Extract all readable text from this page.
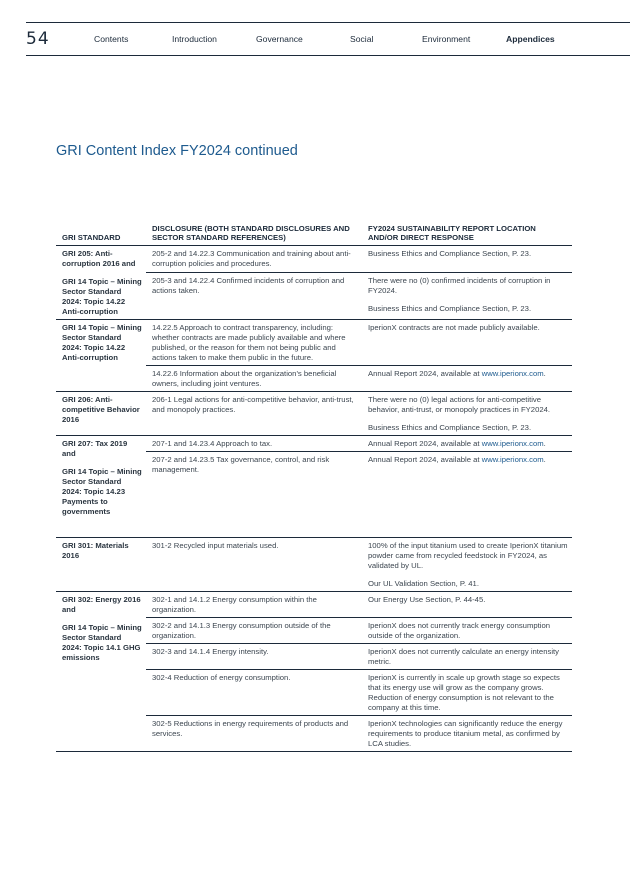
54	Contents	Introduction	Governance	Social	Environment	Appendices
GRI Content Index FY2024 continued
GRI STANDARD	DISCLOSURE (BOTH STANDARD DISCLOSURES AND SECTOR STANDARD REFERENCES)	FY2024 SUSTAINABILITY REPORT LOCATION AND/OR DIRECT RESPONSE

GRI 205: Anti-corruption 2016 and

GRI 14 Topic – Mining Sector Standard 2024: Topic 14.22 Anti-corruption	205-2 and 14.22.3 Communication and training about anti-corruption policies and procedures.	Business Ethics and Compliance Section, P. 23.

	205-3 and 14.22.4 Confirmed incidents of corruption and actions taken.	There were no (0) confirmed incidents of corruption in FY2024.

Business Ethics and Compliance Section, P. 23.

GRI 14 Topic – Mining Sector Standard 2024: Topic 14.22 Anti-corruption	14.22.5 Approach to contract transparency, including: whether contracts are made publicly available and where published, or the reason for them not being public and actions taken to make them public in the future.	IperionX contracts are not made publicly available.

	14.22.6 Information about the organization's beneficial owners, including joint ventures.	Annual Report 2024, available at www.iperionx.com.

GRI 206: Anti-competitive Behavior 2016	206-1 Legal actions for anti-competitive behavior, anti-trust, and monopoly practices.	There were no (0) legal actions for anti-competitive behavior, anti-trust, or monopoly practices in FY2024.

Business Ethics and Compliance Section, P. 23.

GRI 207: Tax 2019 and

GRI 14 Topic – Mining Sector Standard 2024: Topic 14.23 Payments to governments	207-1 and 14.23.4 Approach to tax.	Annual Report 2024, available at www.iperionx.com.
	207-2 and 14.23.5 Tax governance, control, and risk management.	Annual Report 2024, available at www.iperionx.com.

GRI 301: Materials 2016	301-2 Recycled input materials used.	100% of the input titanium used to create IperionX titanium powder came from recycled feedstock in FY2024, as validated by UL.

Our UL Validation Section, P. 41.

GRI 302: Energy 2016 and

GRI 14 Topic – Mining Sector Standard 2024: Topic 14.1 GHG emissions	302-1 and 14.1.2 Energy consumption within the organization.	Our Energy Use Section, P. 44-45.

	302-2 and 14.1.3 Energy consumption outside of the organization.	IperionX does not currently track energy consumption outside of the organization.

	302-3 and 14.1.4 Energy intensity.	IperionX does not currently calculate an energy intensity metric.

	302-4 Reduction of energy consumption.	IperionX is currently in scale up growth stage so expects that its energy use will grow as the company grows. Reduction of energy consumption is not relevant to the company at this time.

	302-5 Reductions in energy requirements of products and services.	IperionX technologies can significantly reduce the energy requirements to produce titanium metal, as confirmed by LCA studies.
